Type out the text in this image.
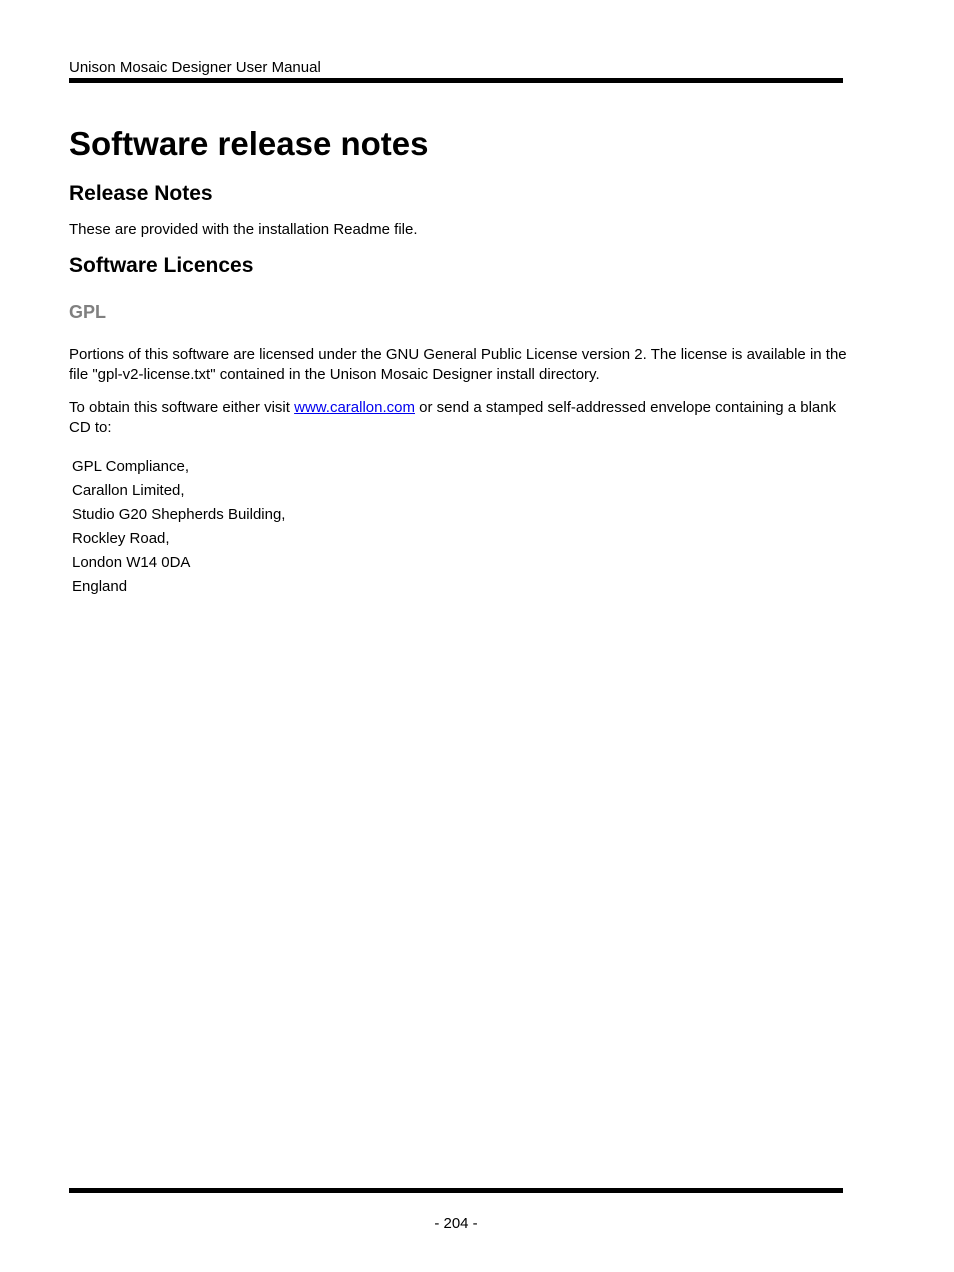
Unison Mosaic Designer User Manual
Software release notes
Release Notes

These are provided with the installation Readme file.

Software Licences
GPL

Portions of this software are licensed under the GNU General Public License version 2. The license is available in the file "gpl-v2-license.txt" contained in the Unison Mosaic Designer install directory.

To obtain this software either visit www.carallon.com or send a stamped self-addressed envelope containing a blank CD to:

GPL Compliance,
Carallon Limited,
Studio G20 Shepherds Building,
Rockley Road,
London W14 0DA
England
- 204 -
